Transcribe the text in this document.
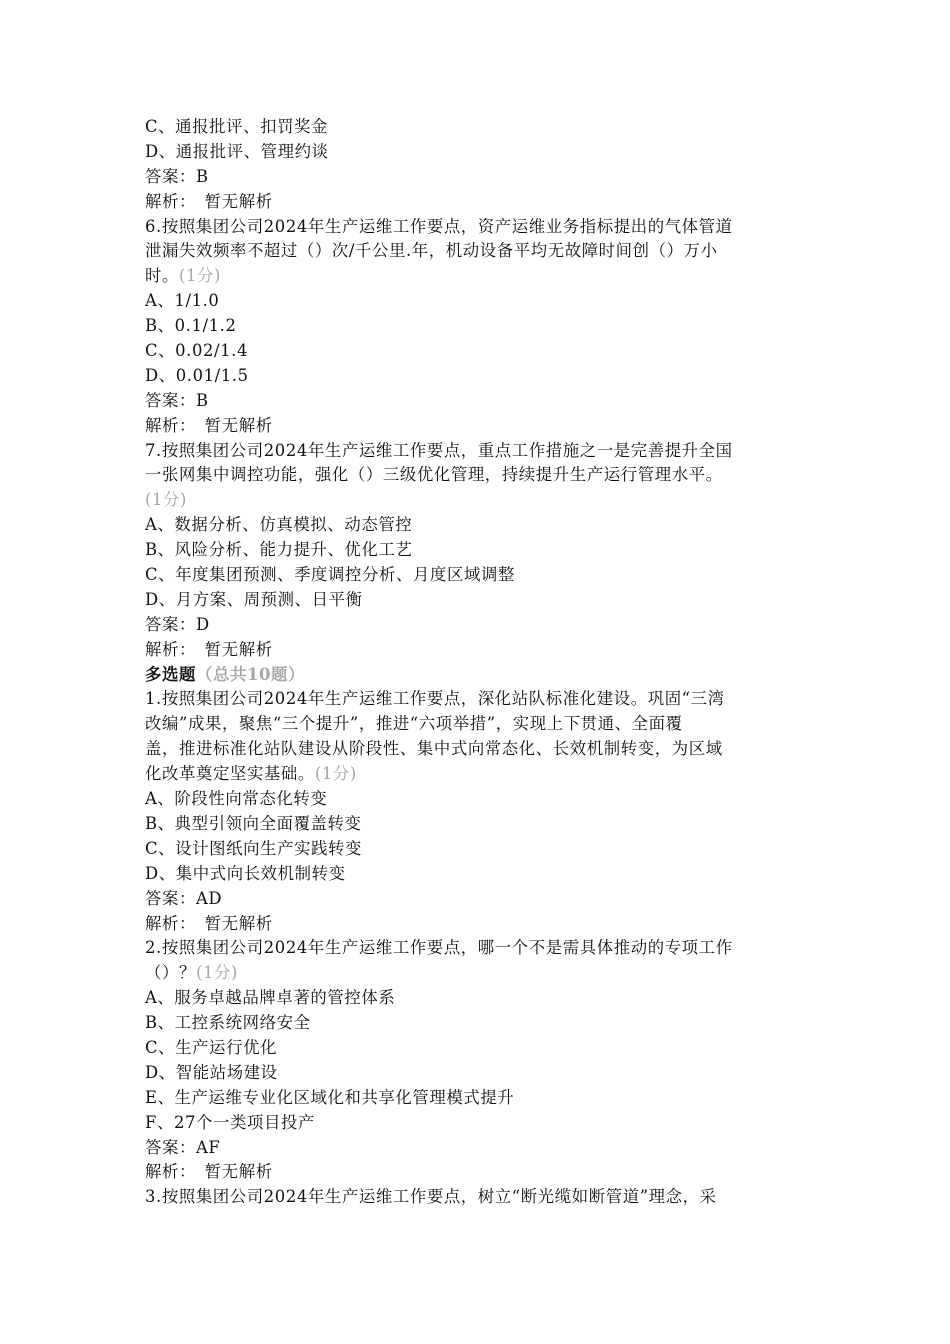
C、通报批评、扣罚奖金
D、通报批评、管理约谈
答案：B
解析：　暂无解析
6.按照集团公司2024年生产运维工作要点，资产运维业务指标提出的气体管道
泄漏失效频率不超过（）次/千公里.年，机动设备平均无故障时间创（）万小
时。(1分)
A、1/1.0
B、0.1/1.2
C、0.02/1.4
D、0.01/1.5
答案：B
解析：　暂无解析
7.按照集团公司2024年生产运维工作要点，重点工作措施之一是完善提升全国
一张网集中调控功能，强化（）三级优化管理，持续提升生产运行管理水平。
(1分)
A、数据分析、仿真模拟、动态管控
B、风险分析、能力提升、优化工艺
C、年度集团预测、季度调控分析、月度区域调整
D、月方案、周预测、日平衡
答案：D
解析：　暂无解析
多选题（总共10题）
1.按照集团公司2024年生产运维工作要点，深化站队标准化建设。巩固“三湾
改编”成果，聚焦“三个提升”，推进“六项举措”，实现上下贯通、全面覆
盖，推进标准化站队建设从阶段性、集中式向常态化、长效机制转变，为区域
化改革奠定坚实基础。(1分)
A、阶段性向常态化转变
B、典型引领向全面覆盖转变
C、设计图纸向生产实践转变
D、集中式向长效机制转变
答案：AD
解析：　暂无解析
2.按照集团公司2024年生产运维工作要点，哪一个不是需具体推动的专项工作
（）？(1分)
A、服务卓越品牌卓著的管控体系
B、工控系统网络安全
C、生产运行优化
D、智能站场建设
E、生产运维专业化区域化和共享化管理模式提升
F、27个一类项目投产
答案：AF
解析：　暂无解析
3.按照集团公司2024年生产运维工作要点，树立“断光缆如断管道”理念，采
